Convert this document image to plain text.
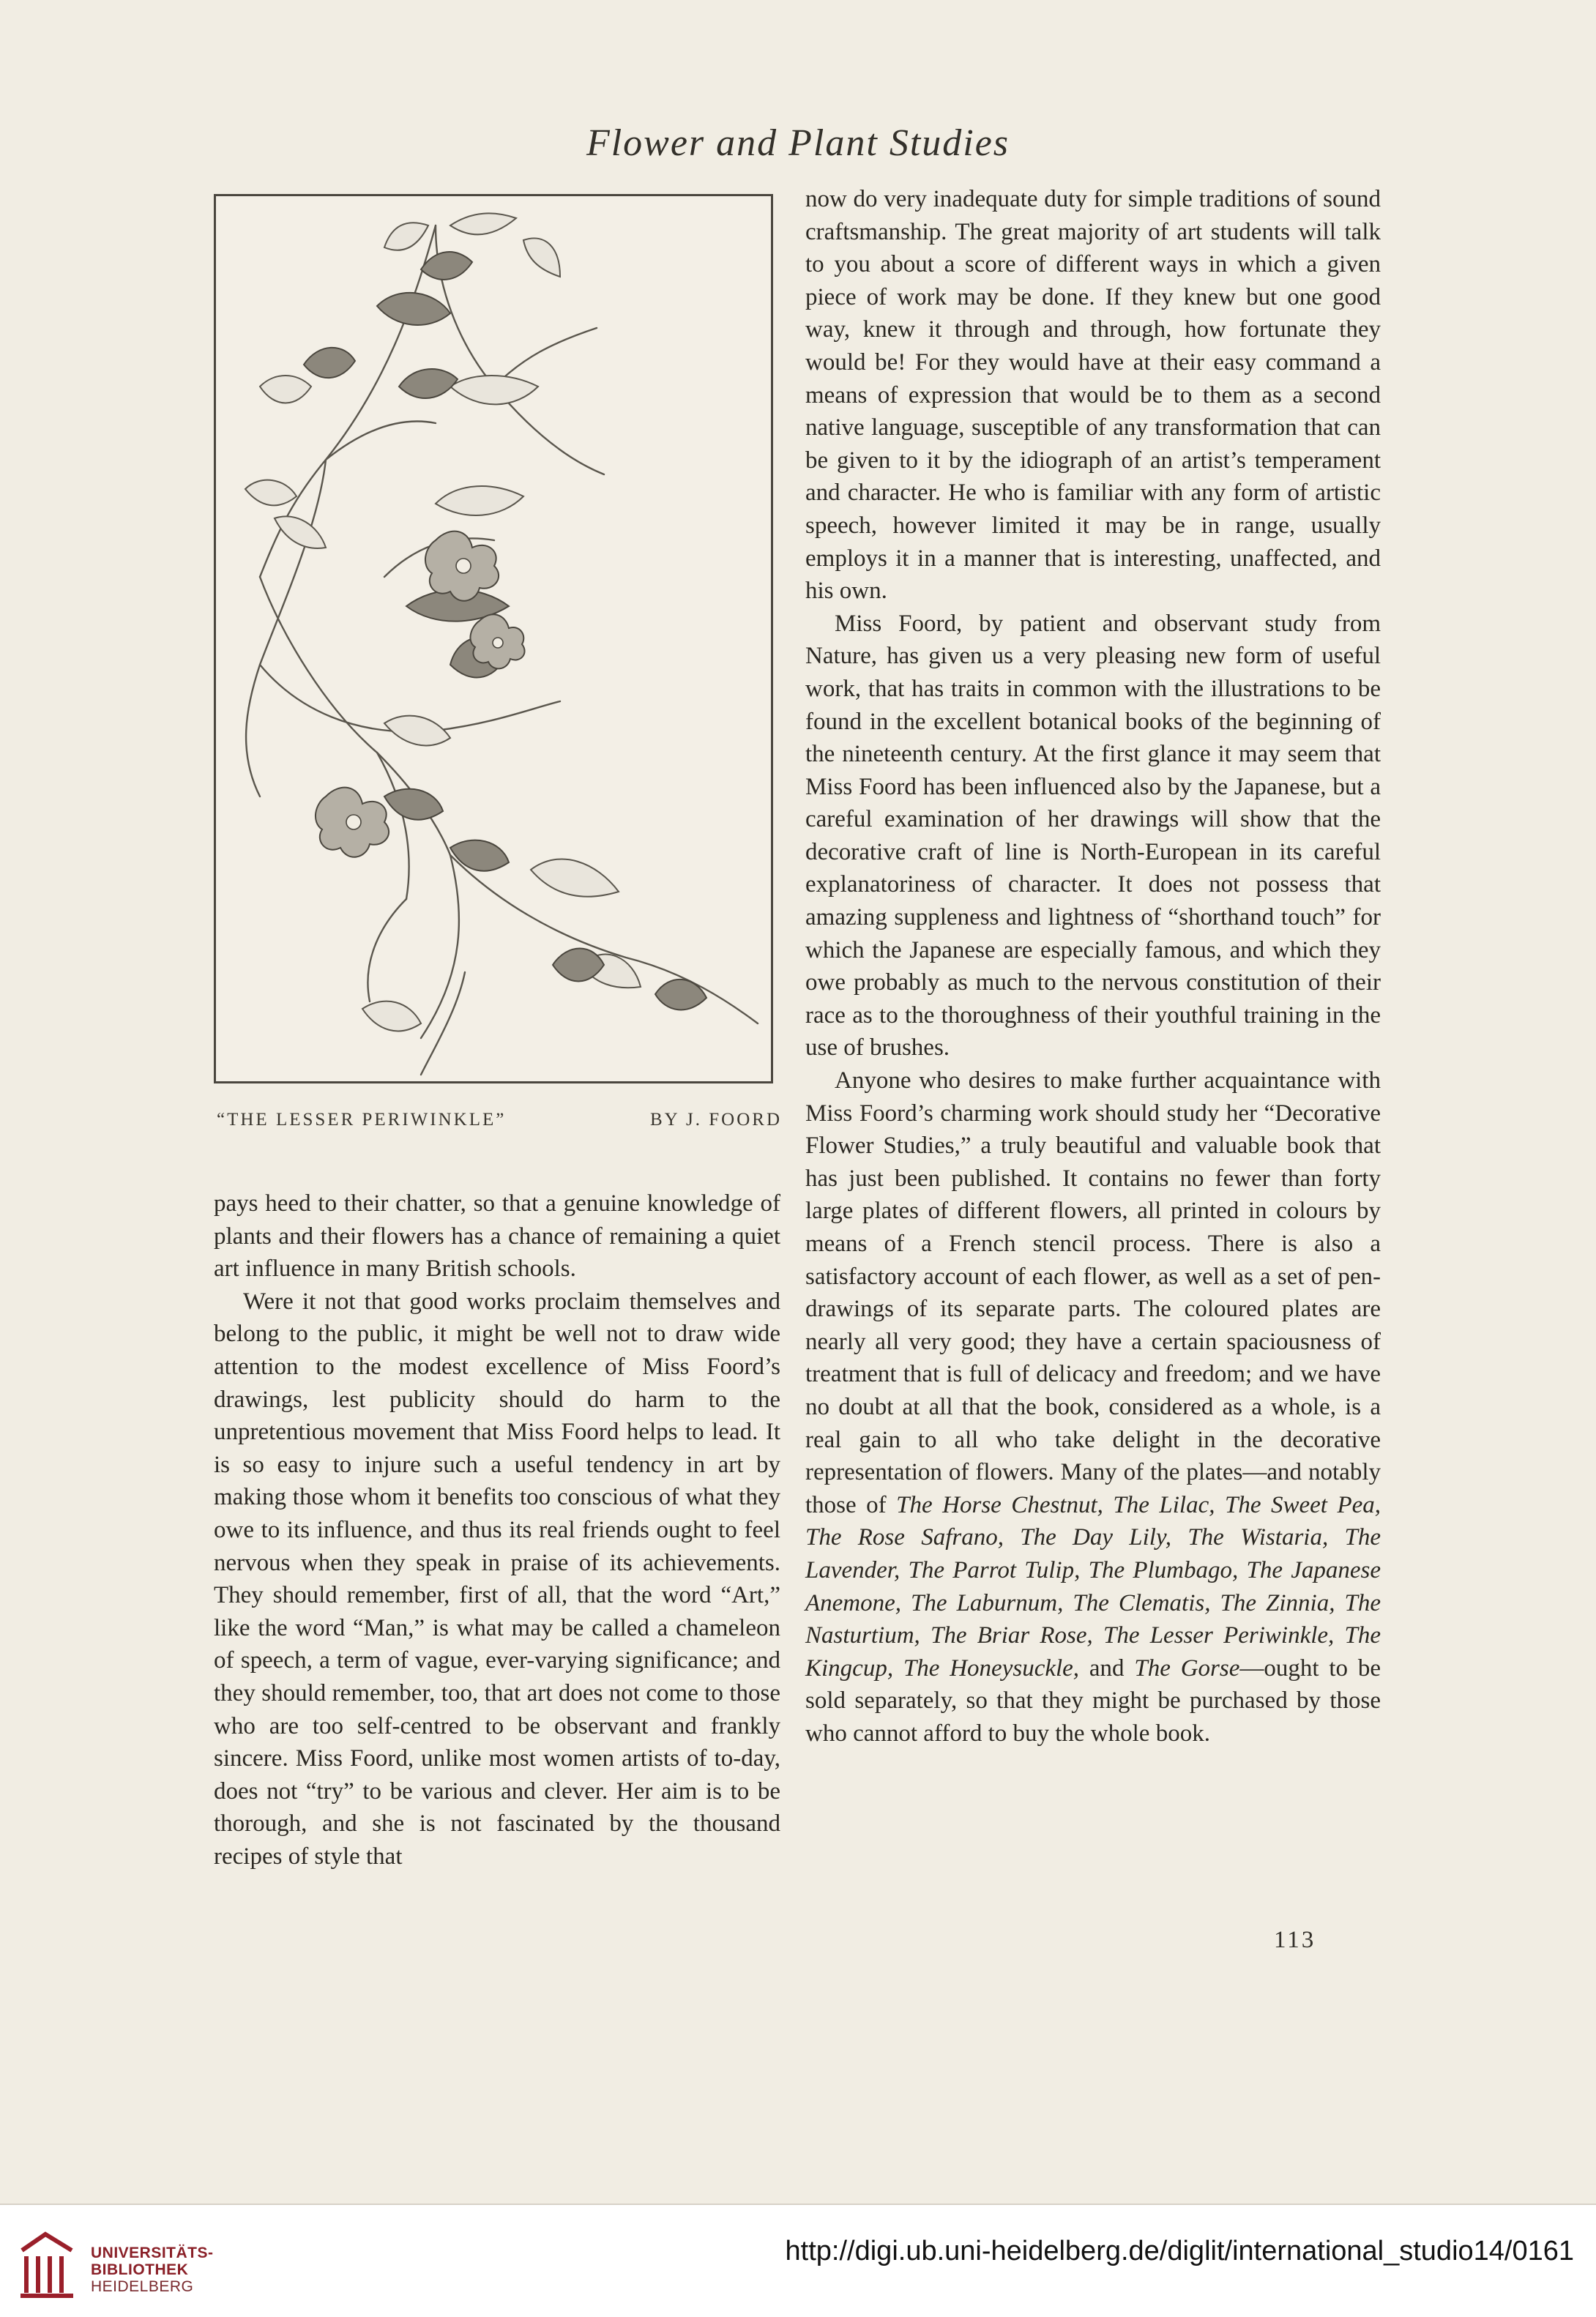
Flower and Plant Studies
“THE LESSER PERIWINKLE”	BY J. FOORD

pays heed to their chatter, so that a genuine knowledge of plants and their flowers has a chance of remaining a quiet art influence in many British schools.

Were it not that good works proclaim themselves and belong to the public, it might be well not to draw wide attention to the modest excellence of Miss Foord’s drawings, lest publicity should do harm to the unpretentious movement that Miss Foord helps to lead. It is so easy to injure such a useful tendency in art by making those whom it benefits too conscious of what they owe to its influence, and thus its real friends ought to feel nervous when they speak in praise of its achievements. They should remember, first of all, that the word “Art,” like the word “Man,” is what may be called a chameleon of speech, a term of vague, ever-varying significance; and they should remember, too, that art does not come to those who are too self-centred to be observant and frankly sincere. Miss Foord, unlike most women artists of to-day, does not “try” to be various and clever. Her aim is to be thorough, and she is not fascinated by the thousand recipes of style that

now do very inadequate duty for simple traditions of sound craftsmanship. The great majority of art students will talk to you about a score of different ways in which a given piece of work may be done. If they knew but one good way, knew it through and through, how fortunate they would be! For they would have at their easy command a means of expression that would be to them as a second native language, susceptible of any transformation that can be given to it by the idiograph of an artist’s temperament and character. He who is familiar with any form of artistic speech, however limited it may be in range, usually employs it in a manner that is interesting, unaffected, and his own.

Miss Foord, by patient and observant study from Nature, has given us a very pleasing new form of useful work, that has traits in common with the illustrations to be found in the excellent botanical books of the beginning of the nineteenth century. At the first glance it may seem that Miss Foord has been influenced also by the Japanese, but a careful examination of her drawings will show that the decorative craft of line is North-European in its careful explanatoriness of character. It does not possess that amazing suppleness and lightness of “shorthand touch” for which the Japanese are especially famous, and which they owe probably as much to the nervous constitution of their race as to the thoroughness of their youthful training in the use of brushes.

Anyone who desires to make further acquaintance with Miss Foord’s charming work should study her “Decorative Flower Studies,” a truly beautiful and valuable book that has just been published. It contains no fewer than forty large plates of different flowers, all printed in colours by means of a French stencil process. There is also a satisfactory account of each flower, as well as a set of pen-drawings of its separate parts. The coloured plates are nearly all very good; they have a certain spaciousness of treatment that is full of delicacy and freedom; and we have no doubt at all that the book, considered as a whole, is a real gain to all who take delight in the decorative representation of flowers. Many of the plates—and notably those of The Horse Chestnut, The Lilac, The Sweet Pea, The Rose Safrano, The Day Lily, The Wistaria, The Lavender, The Parrot Tulip, The Plumbago, The Japanese Anemone, The Laburnum, The Clematis, The Zinnia, The Nasturtium, The Briar Rose, The Lesser Periwinkle, The Kingcup, The Honeysuckle, and The Gorse—ought to be sold separately, so that they might be purchased by those who cannot afford to buy the whole book.

113
UNIVERSITÄTS-
BIBLIOTHEK
HEIDELBERG
http://digi.ub.uni-heidelberg.de/diglit/international_studio14/0161
